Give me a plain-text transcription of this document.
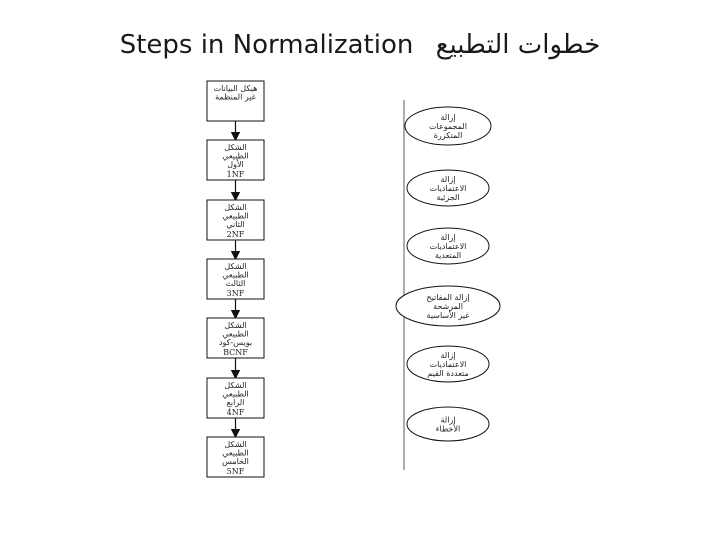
Steps in Normalization خطوات التطبيع
هيكل البيانات
غير المنظمة
الشكل
الطبيعي
الأول
1NF
الشكل
الطبيعي
الثاني
2NF
الشكل
الطبيعي
الثالث
3NF
الشكل
الطبيعي
بويس-كود
BCNF
الشكل
الطبيعي
الرابع
4NF
الشكل
الطبيعي
الخامس
5NF
إزالة
المجموعات
المتكررة
إزالة
الاعتماديات
الجزئية
إزالة
الاعتماديات
المتعدية
إزالة المفاتيح
المرشحة
غير الأساسية
إزالة
الاعتماديات
متعددة القيم
إزالة
الأخطاء
